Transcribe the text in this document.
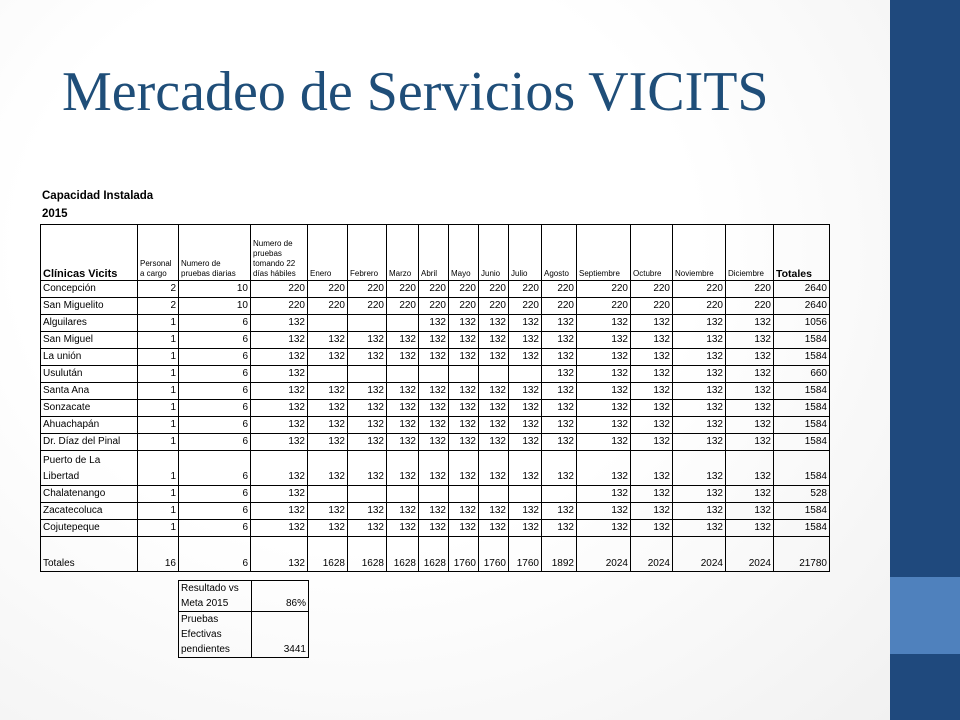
Mercadeo de Servicios VICITS
Capacidad Instalada
2015
Clínicas Vicits	Personal a cargo	Numero de pruebas diarias	Numero de pruebas tomando 22 días hábiles	Enero	Febrero	Marzo	Abril	Mayo	Junio	Julio	Agosto	Septiembre	Octubre	Noviembre	Diciembre	Totales
Concepción	2	10	220	220	220	220	220	220	220	220	220	220	220	220	220	2640
San Miguelito	2	10	220	220	220	220	220	220	220	220	220	220	220	220	220	2640
Alguilares	1	6	132				132	132	132	132	132	132	132	132	132	1056
San Miguel	1	6	132	132	132	132	132	132	132	132	132	132	132	132	132	1584
La unión	1	6	132	132	132	132	132	132	132	132	132	132	132	132	132	1584
Usulután	1	6	132								132	132	132	132	132	660
Santa Ana	1	6	132	132	132	132	132	132	132	132	132	132	132	132	132	1584
Sonzacate	1	6	132	132	132	132	132	132	132	132	132	132	132	132	132	1584
Ahuachapán	1	6	132	132	132	132	132	132	132	132	132	132	132	132	132	1584
Dr. Díaz del Pinal	1	6	132	132	132	132	132	132	132	132	132	132	132	132	132	1584
Puerto de La Libertad	1	6	132	132	132	132	132	132	132	132	132	132	132	132	132	1584
Chalatenango	1	6	132									132	132	132	132	528
Zacatecoluca	1	6	132	132	132	132	132	132	132	132	132	132	132	132	132	1584
Cojutepeque	1	6	132	132	132	132	132	132	132	132	132	132	132	132	132	1584
Totales	16	6	132	1628	1628	1628	1628	1760	1760	1760	1892	2024	2024	2024	2024	21780
Resultado vs Meta 2015	86%
Pruebas Efectivas pendientes	3441
